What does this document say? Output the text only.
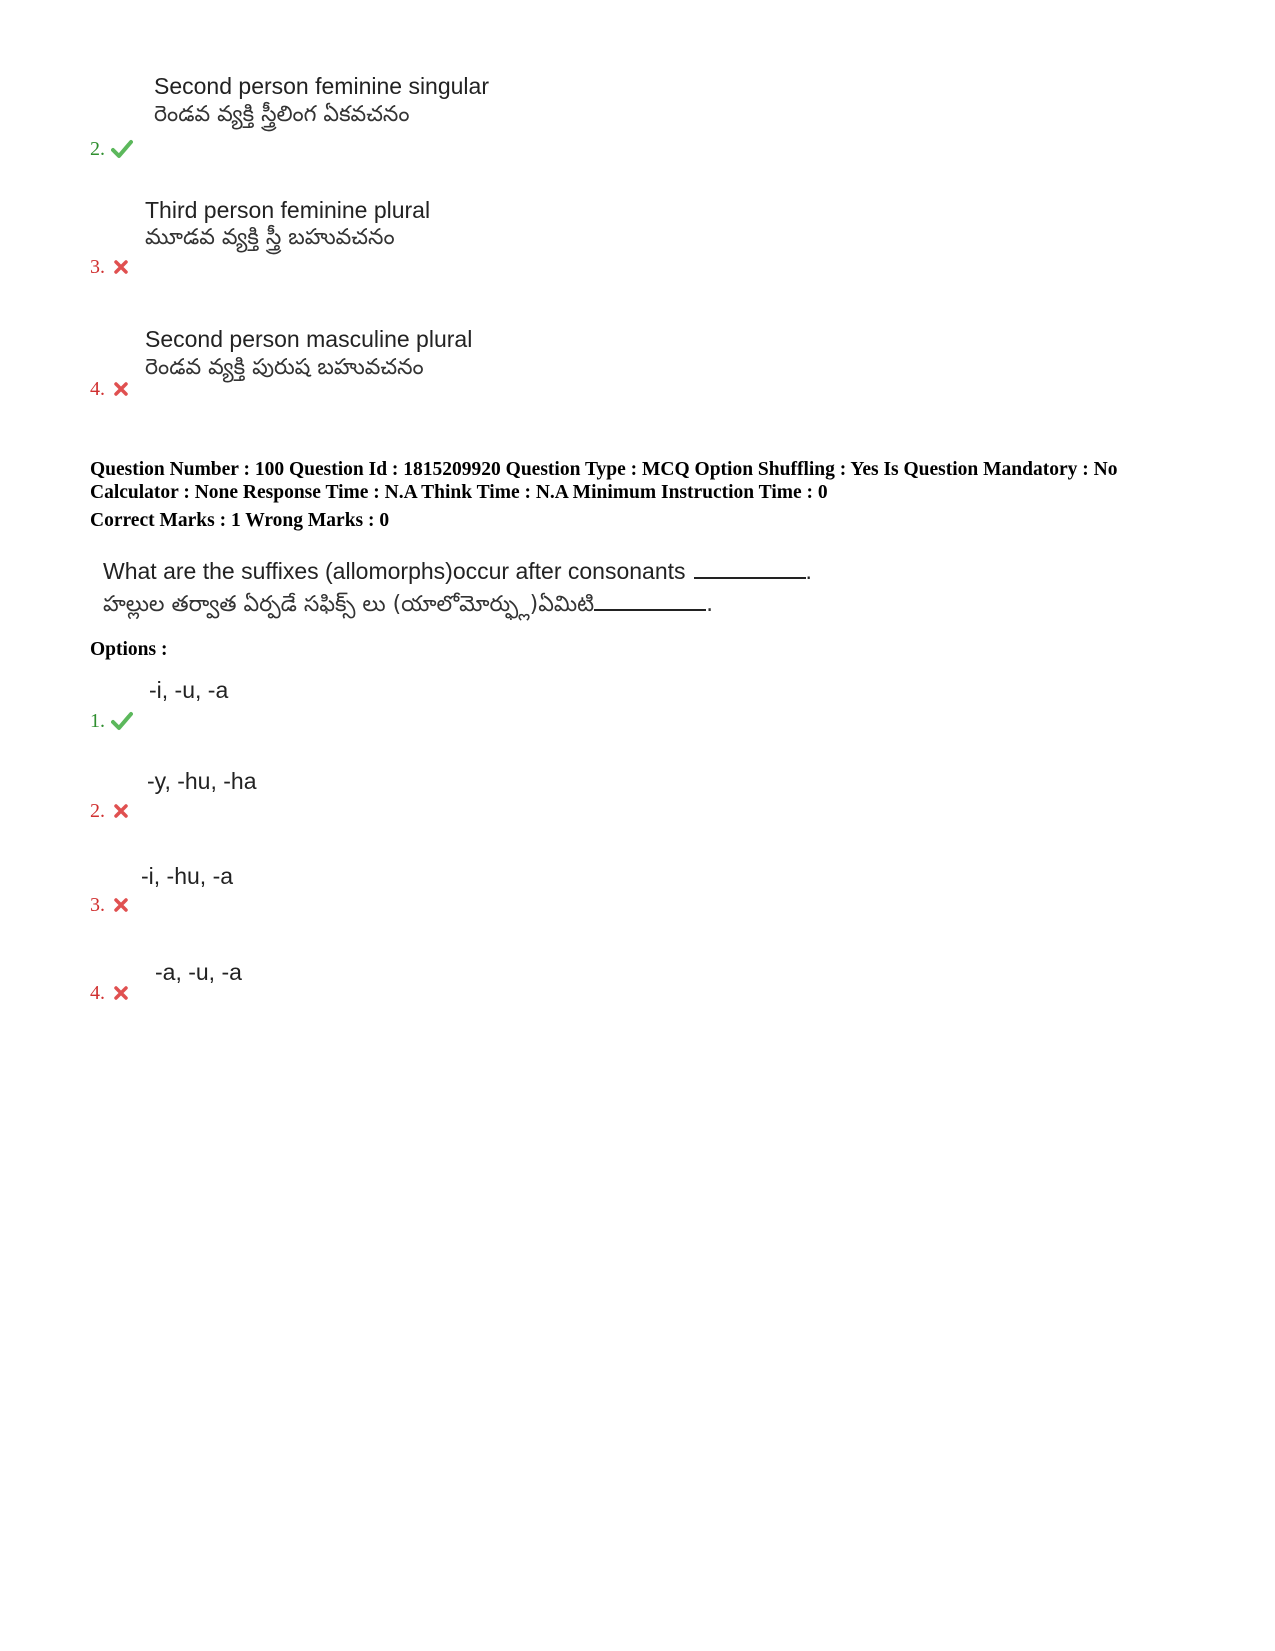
Second person feminine singular
రెండవ వ్యక్తి స్త్రీలింగ ఏకవచనం
2.
Third person feminine plural
మూడవ వ్యక్తి స్త్రీ బహువచనం
3.
Second person masculine plural
రెండవ వ్యక్తి పురుష బహువచనం
4.
Question Number : 100 Question Id : 1815209920 Question Type : MCQ Option Shuffling : Yes Is Question Mandatory : No Calculator : None Response Time : N.A Think Time : N.A Minimum Instruction Time : 0
Correct Marks : 1 Wrong Marks : 0
What are the suffixes (allomorphs)occur after consonants	.
హల్లుల తర్వాత ఏర్పడే సఫిక్స్ లు (యాలోమోర్ఫ్లు)ఏమిటి	.
Options :
-i, -u, -a
1.
-y, -hu, -ha
2.
-i, -hu, -a
3.
-a, -u, -a
4.
